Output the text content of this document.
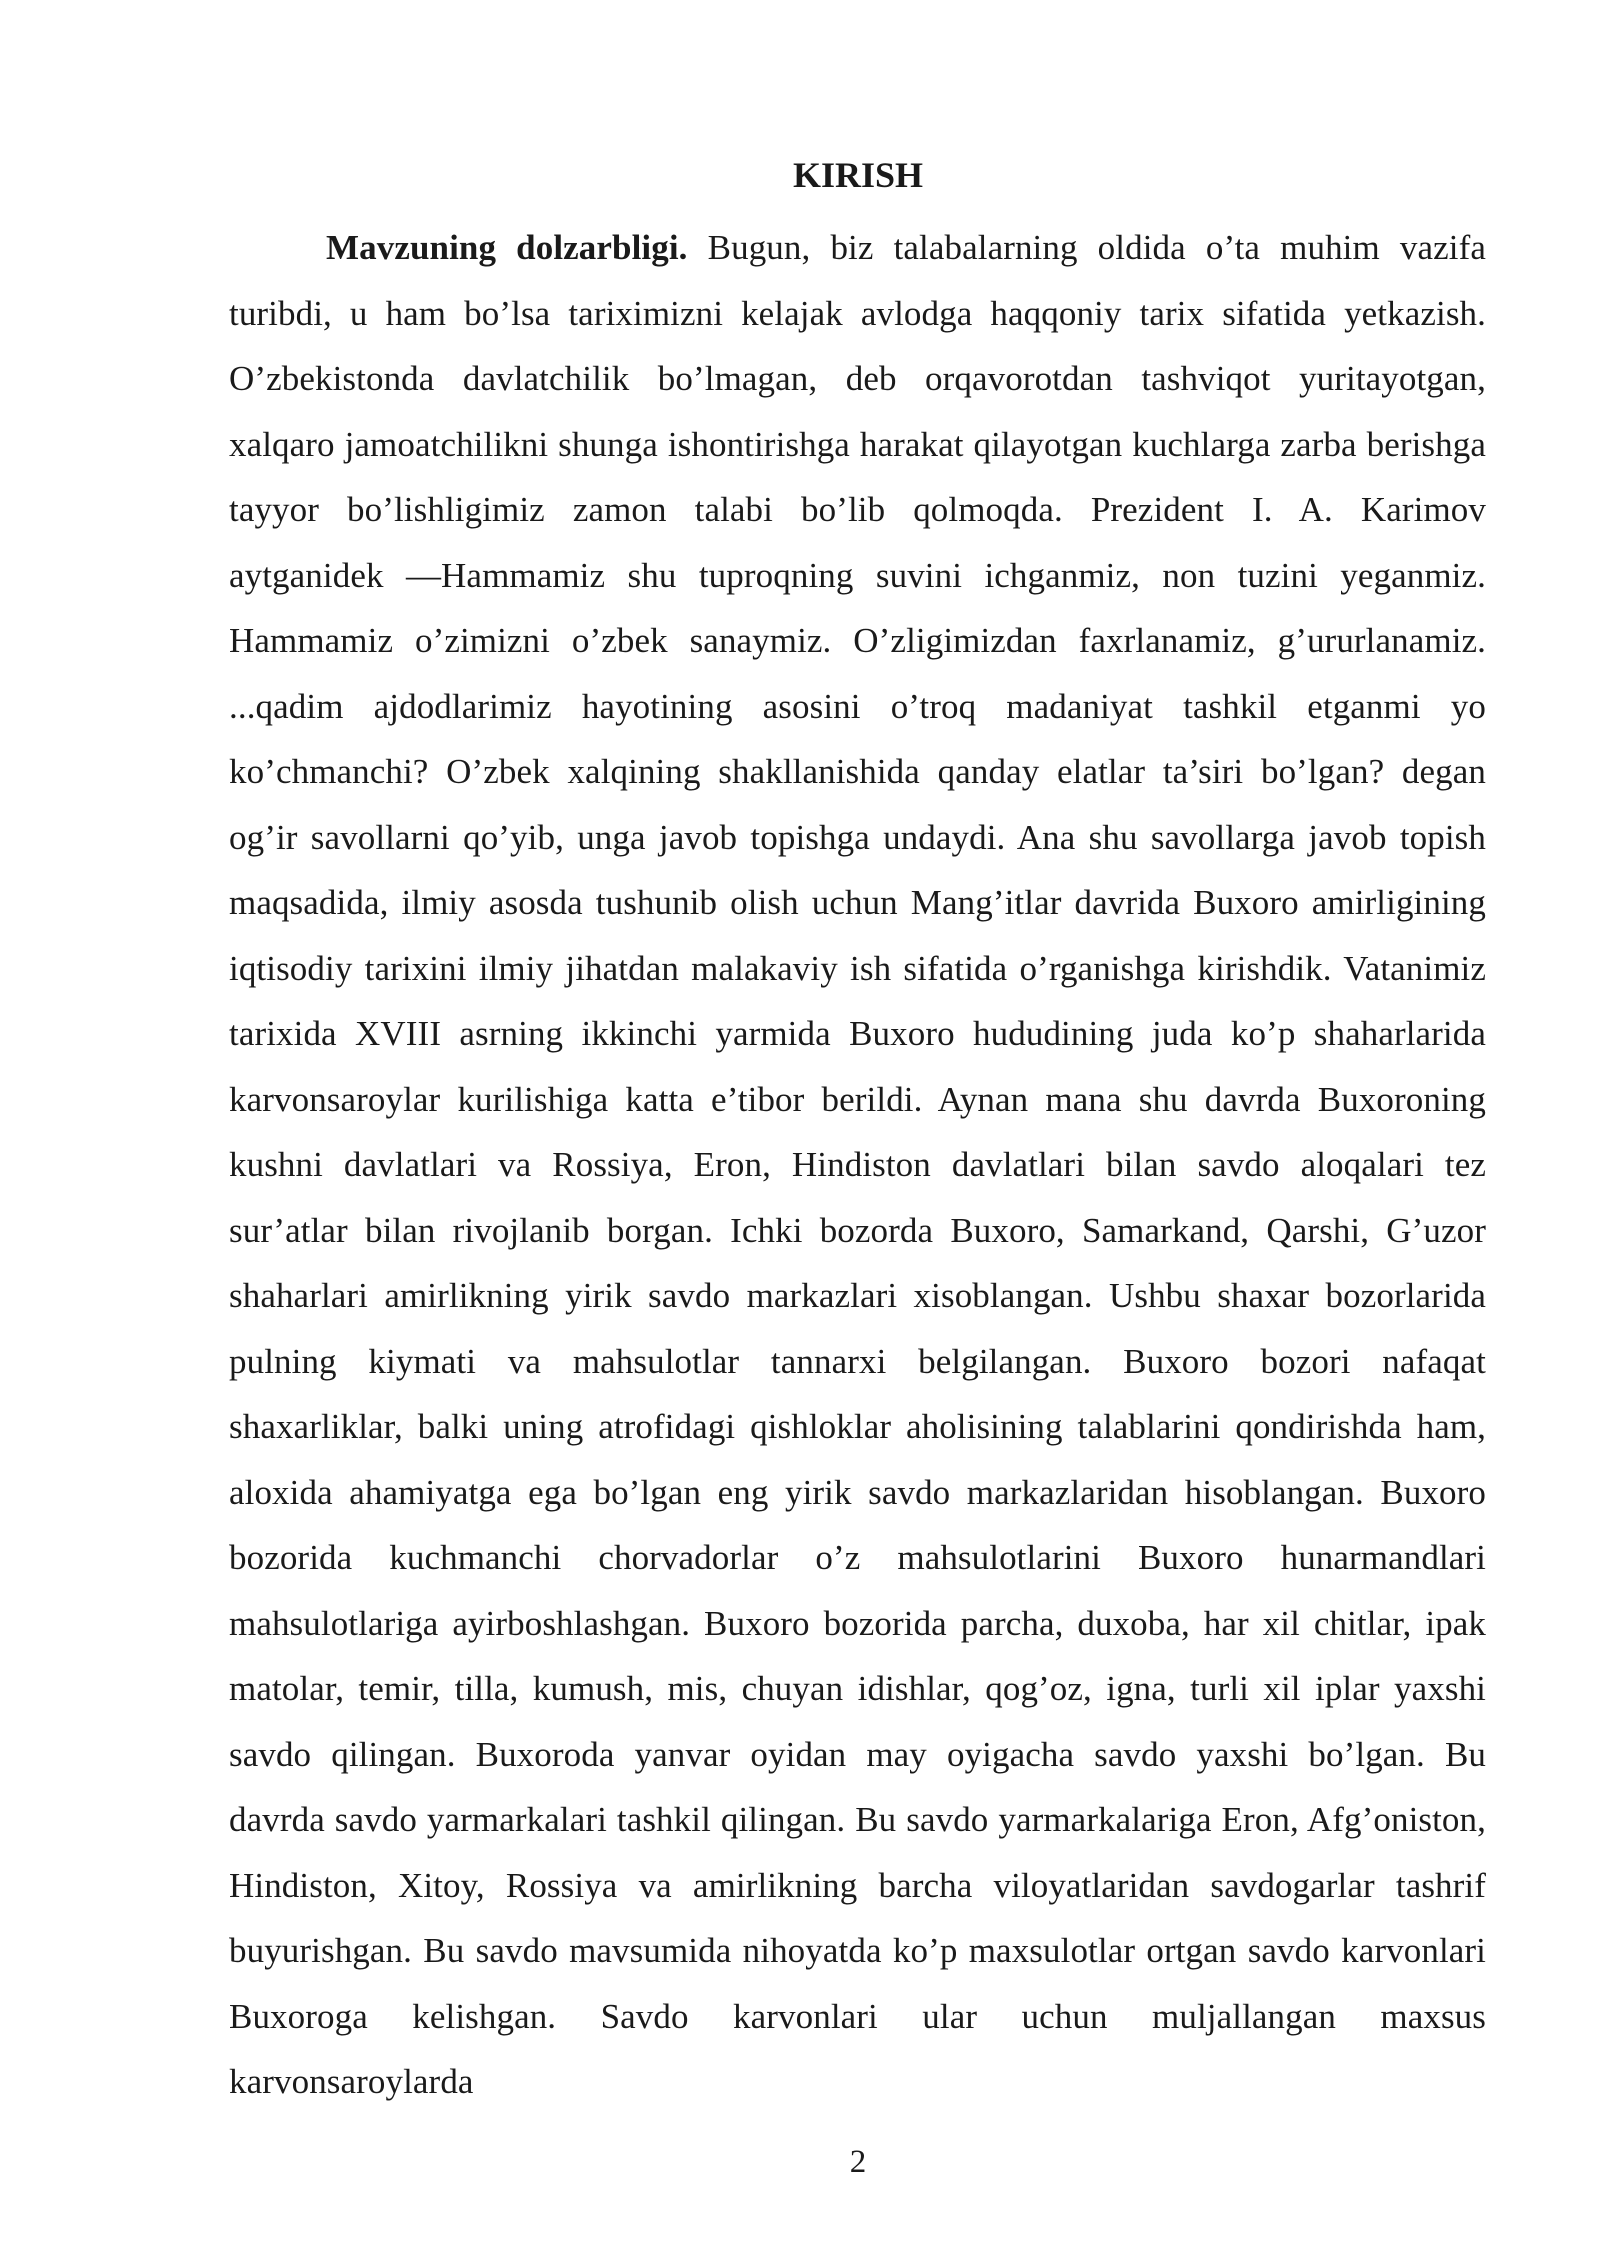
KIRISH

Mavzuning dolzarbligi. Bugun, biz talabalarning oldida o’ta muhim vazifa turibdi, u ham bo’lsa tariximizni kelajak avlodga haqqoniy tarix sifatida yetkazish. O’zbekistonda davlatchilik bo’lmagan, deb orqavorotdan tashviqot yuritayotgan, xalqaro jamoatchilikni shunga ishontirishga harakat qilayotgan kuchlarga zarba berishga tayyor bo’lishligimiz zamon talabi bo’lib qolmoqda. Prezident I. A. Karimov aytganidek —Hammamiz shu tuproqning suvini ichganmiz, non tuzini yeganmiz. Hammamiz o’zimizni o’zbek sanaymiz. O’zligimizdan faxrlanamiz, g’ururlanamiz. ...qadim ajdodlarimiz hayotining asosini o’troq madaniyat tashkil etganmi yo ko’chmanchi? O’zbek xalqining shakllanishida qanday elatlar ta’siri bo’lgan? degan og’ir savollarni qo’yib, unga javob topishga undaydi. Ana shu savollarga javob topish maqsadida, ilmiy asosda tushunib olish uchun Mang’itlar davrida Buxoro amirligining iqtisodiy tarixini ilmiy jihatdan malakaviy ish sifatida o’rganishga kirishdik. Vatanimiz tarixida XVIII asrning ikkinchi yarmida Buxoro hududining juda ko’p shaharlarida karvonsaroylar kurilishiga katta e’tibor berildi. Aynan mana shu davrda Buxoroning kushni davlatlari va Rossiya, Eron, Hindiston davlatlari bilan savdo aloqalari tez sur’atlar bilan rivojlanib borgan. Ichki bozorda Buxoro, Samarkand, Qarshi, G’uzor shaharlari amirlikning yirik savdo markazlari xisoblangan. Ushbu shaxar bozorlarida pulning kiymati va mahsulotlar tannarxi belgilangan. Buxoro bozori nafaqat shaxarliklar, balki uning atrofidagi qishloklar aholisining talablarini qondirishda ham, aloxida ahamiyatga ega bo’lgan eng yirik savdo markazlaridan hisoblangan. Buxoro bozorida kuchmanchi chorvadorlar o’z mahsulotlarini Buxoro hunarmandlari mahsulotlariga ayirboshlashgan. Buxoro bozorida parcha, duxoba, har xil chitlar, ipak matolar, temir, tilla, kumush, mis, chuyan idishlar, qog’oz, igna, turli xil iplar yaxshi savdo qilingan. Buxoroda yanvar oyidan may oyigacha savdo yaxshi bo’lgan. Bu davrda savdo yarmarkalari tashkil qilingan. Bu savdo yarmarkalariga Eron, Afg’oniston, Hindiston, Xitoy, Rossiya va amirlikning barcha viloyatlaridan savdogarlar tashrif buyurishgan. Bu savdo mavsumida nihoyatda ko’p maxsulotlar ortgan savdo karvonlari Buxoroga kelishgan. Savdo karvonlari ular uchun muljallangan maxsus karvonsaroylarda

2
